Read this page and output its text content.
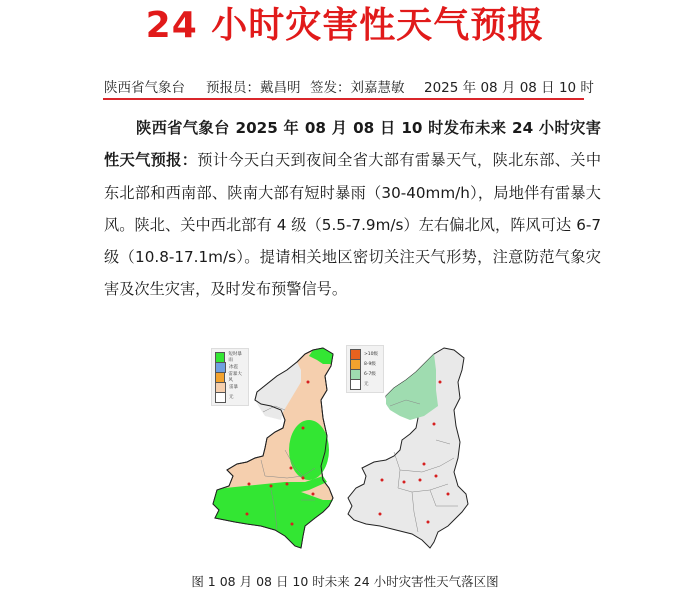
24 小时灾害性天气预报
陕西省气象台	预报员：戴昌明 签发：刘嘉慧敏	2025 年 08 月 08 日 10 时

陕西省气象台 2025 年 08 月 08 日 10 时发布未来 24 小时灾害性天气预报：预计今天白天到夜间全省大部有雷暴天气，陕北东部、关中东北部和西南部、陕南大部有短时暴雨（30-40mm/h），局地伴有雷暴大风。陕北、关中西北部有 4 级（5.5-7.9m/s）左右偏北风，阵风可达 6-7 级（10.8-17.1m/s）。提请相关地区密切关注天气形势，注意防范气象灾害及次生灾害，及时发布预警信号。

短时暴雨
冰雹
雷暴大风
雷暴
无
>10级
8-9级
6-7级
无
图 1 08 月 08 日 10 时未来 24 小时灾害性天气落区图
